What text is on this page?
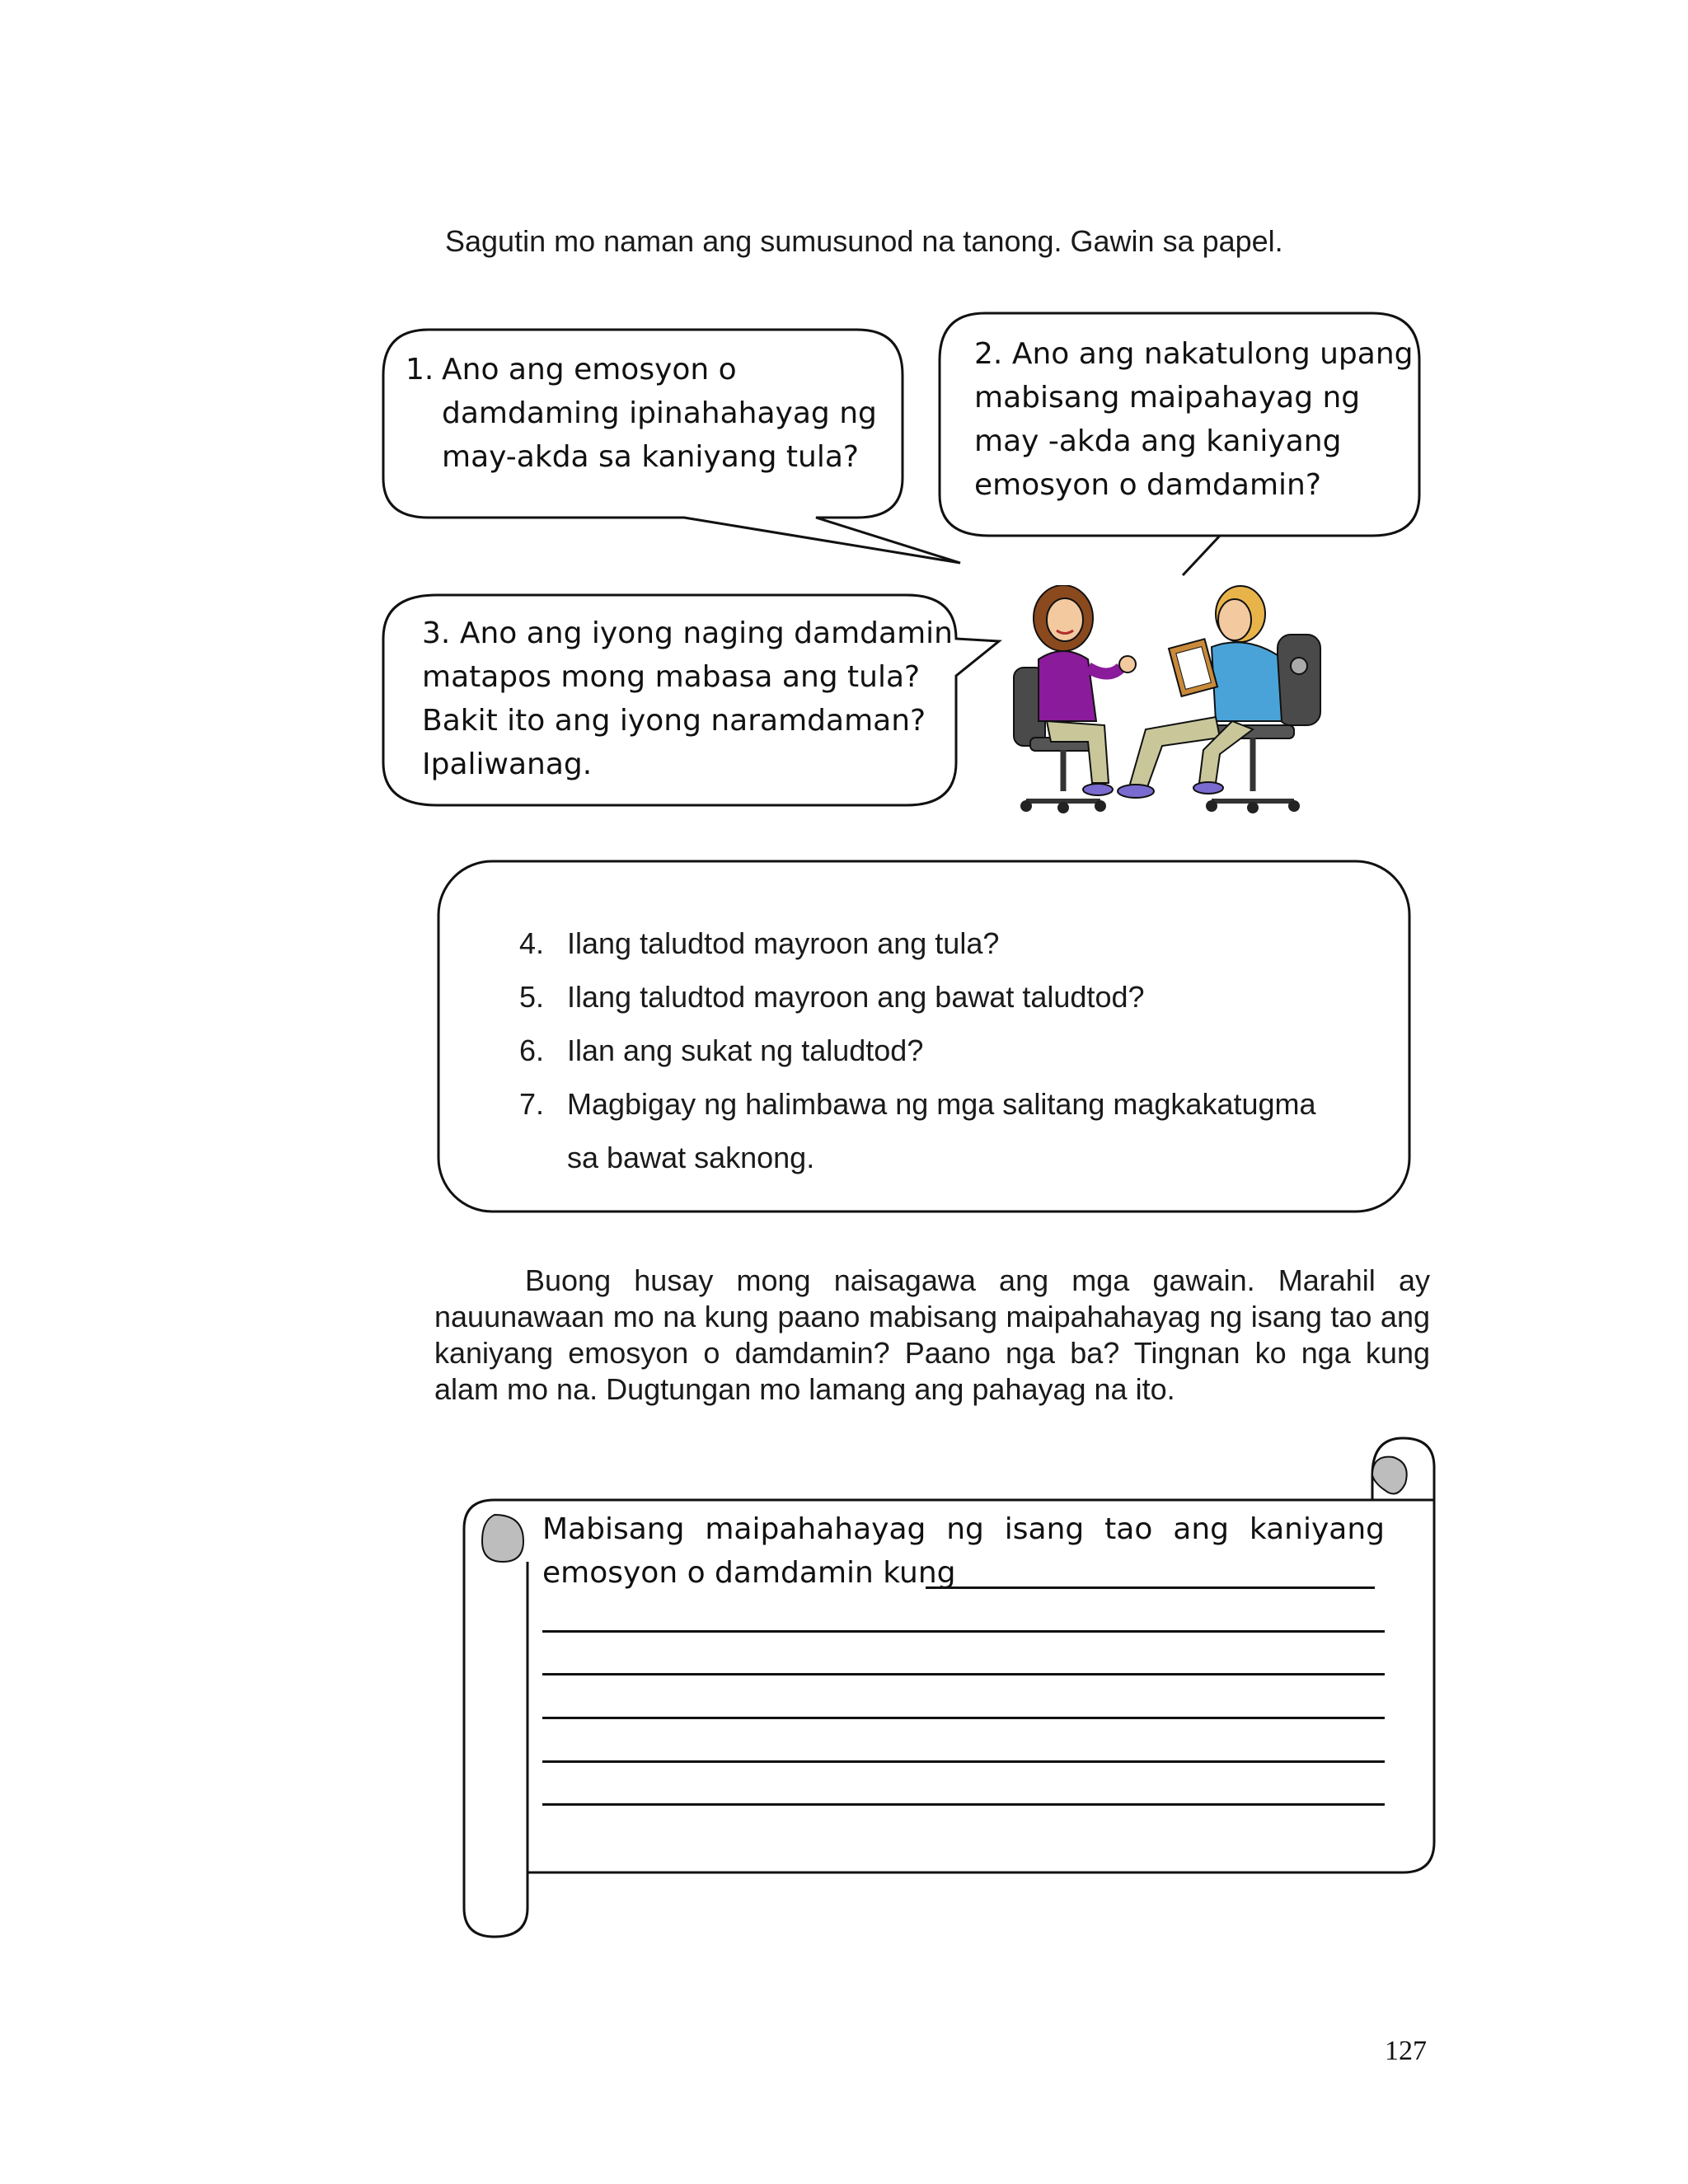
Sagutin mo naman ang sumusunod na tanong. Gawin sa papel.
1. Ano ang emosyon o
damdaming ipinahahayag ng
may-akda sa kaniyang tula?
2. Ano ang nakatulong upang
mabisang maipahayag ng
may -akda ang kaniyang
emosyon o damdamin?
3. Ano ang iyong naging damdamin
matapos mong mabasa ang tula?
Bakit ito ang iyong naramdaman?
Ipaliwanag.
4. Ilang taludtod mayroon ang tula?
5. Ilang taludtod mayroon ang bawat taludtod?
6. Ilan ang sukat ng taludtod?
7. Magbigay ng halimbawa ng mga salitang magkakatugma
sa bawat saknong.
Buong husay mong naisagawa ang mga gawain. Marahil ay nauunawaan mo na kung paano mabisang maipahahayag ng isang tao ang kaniyang emosyon o damdamin? Paano nga ba? Tingnan ko nga kung alam mo na. Dugtungan mo lamang ang pahayag na ito.
Mabisang maipahahayag ng isang tao ang kaniyang
emosyon o damdamin kung
127
